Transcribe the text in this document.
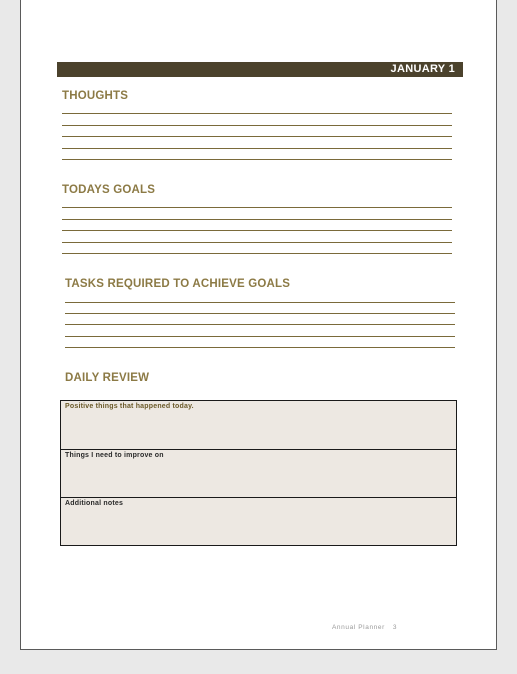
JANUARY 1
THOUGHTS
TODAYS GOALS
TASKS REQUIRED TO ACHIEVE GOALS
DAILY REVIEW
Positive things that happened today.
Things I need to improve on
Additional notes
Annual Planner 3
